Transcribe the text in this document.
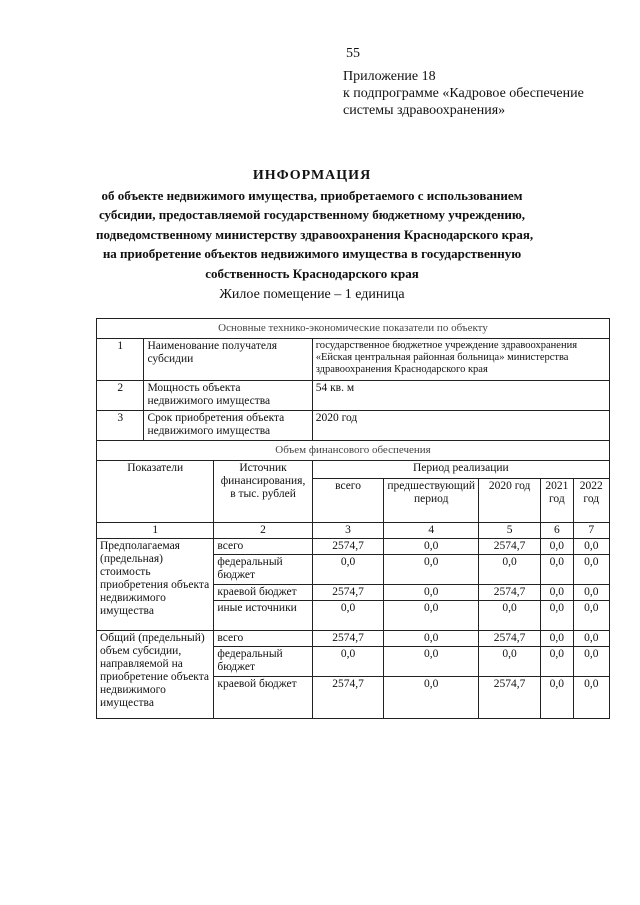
55
Приложение 18
к подпрограмме «Кадровое обеспечение
системы здравоохранения»
ИНФОРМАЦИЯ
об объекте недвижимого имущества, приобретаемого с использованием
субсидии, предоставляемой государственному бюджетному учреждению,
подведомственному министерству здравоохранения Краснодарского края,
на приобретение объектов недвижимого имущества в государственную
собственность Краснодарского края
Жилое помещение – 1 единица
Основные технико-экономические показатели по объекту							
1	Наименование получателя субсидии		государственное бюджетное учреждение здравоохранения «Ейская центральная районная больница» министерства здравоохранения Краснодарского края				
2	Мощность объекта недвижимого имущества		54 кв. м				
3	Срок приобретения объекта недвижимого имущества		2020 год				
Объем финансового обеспечения							
Показатели		Источник финансирования, в тыс. рублей	Период реализации				
			всего	предшествующий период	2020 год	2021 год	2022 год
1		2	3	4	5	6	7
Предполагаемая (предельная) стоимость приобретения объекта недвижимого имущества		всего	2574,7	0,0	2574,7	0,0	0,0
		федеральный бюджет	0,0	0,0	0,0	0,0	0,0
		краевой бюджет	2574,7	0,0	2574,7	0,0	0,0
		иные источники	0,0	0,0	0,0	0,0	0,0
Общий (предельный) объем субсидии, направляемой на приобретение объекта недвижимого имущества		всего	2574,7	0,0	2574,7	0,0	0,0
		федеральный бюджет	0,0	0,0	0,0	0,0	0,0
		краевой бюджет	2574,7	0,0	2574,7	0,0	0,0
